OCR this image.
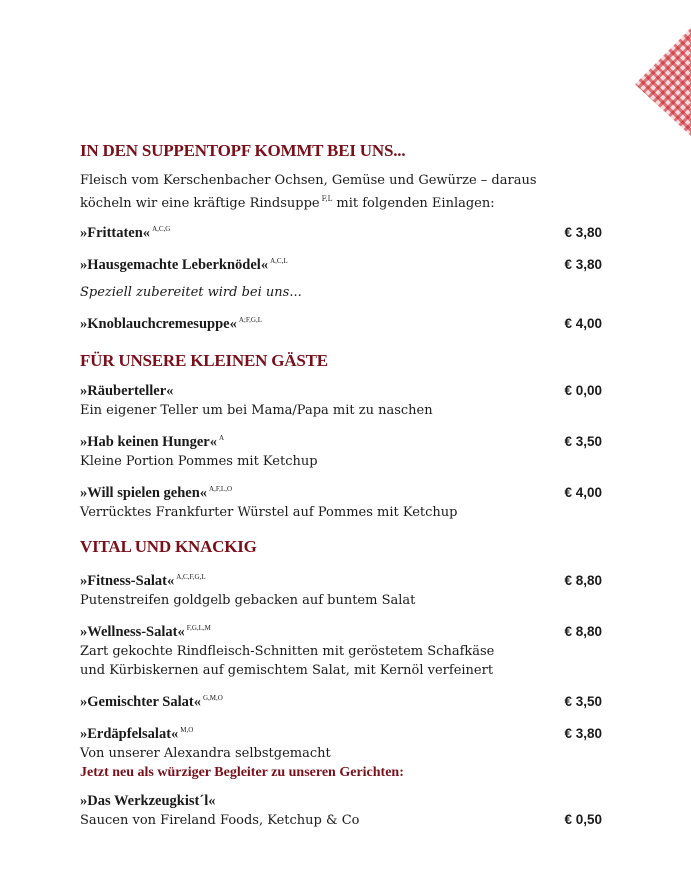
IN DEN SUPPENTOPF KOMMT BEI UNS...
Fleisch vom Kerschenbacher Ochsen, Gemüse und Gewürze – daraus
köcheln wir eine kräftige Rindsuppe $^{F,L}$ mit folgenden Einlagen:
»Frittaten« $^{A,C,G}$	€ 3,80
»Hausgemachte Leberknödel« $^{A,C,L}$	€ 3,80
Speziell zubereitet wird bei uns...
»Knoblauchcremesuppe« $^{A;F,G,L}$	€ 4,00
FÜR UNSERE KLEINEN GÄSTE
»Räuberteller«	€ 0,00
Ein eigener Teller um bei Mama/Papa mit zu naschen
»Hab keinen Hunger« $^A$	€ 3,50
Kleine Portion Pommes mit Ketchup
»Will spielen gehen« $^{A,F,L,O}$	€ 4,00
Verrücktes Frankfurter Würstel auf Pommes mit Ketchup
VITAL UND KNACKIG
»Fitness-Salat« $^{A,C,F,G,L}$	€ 8,80
Putenstreifen goldgelb gebacken auf buntem Salat
»Wellness-Salat« $^{F,G,L,M}$	€ 8,80
Zart gekochte Rindfleisch-Schnitten mit geröstetem Schafkäse
und Kürbiskernen auf gemischtem Salat, mit Kernöl verfeinert
»Gemischter Salat« $^{G,M,O}$	€ 3,50
»Erdäpfelsalat« $^{M,O}$	€ 3,80
Von unserer Alexandra selbstgemacht
Jetzt neu als würziger Begleiter zu unseren Gerichten:
»Das Werkzeugkist´l«
Saucen von Fireland Foods, Ketchup & Co	€ 0,50
